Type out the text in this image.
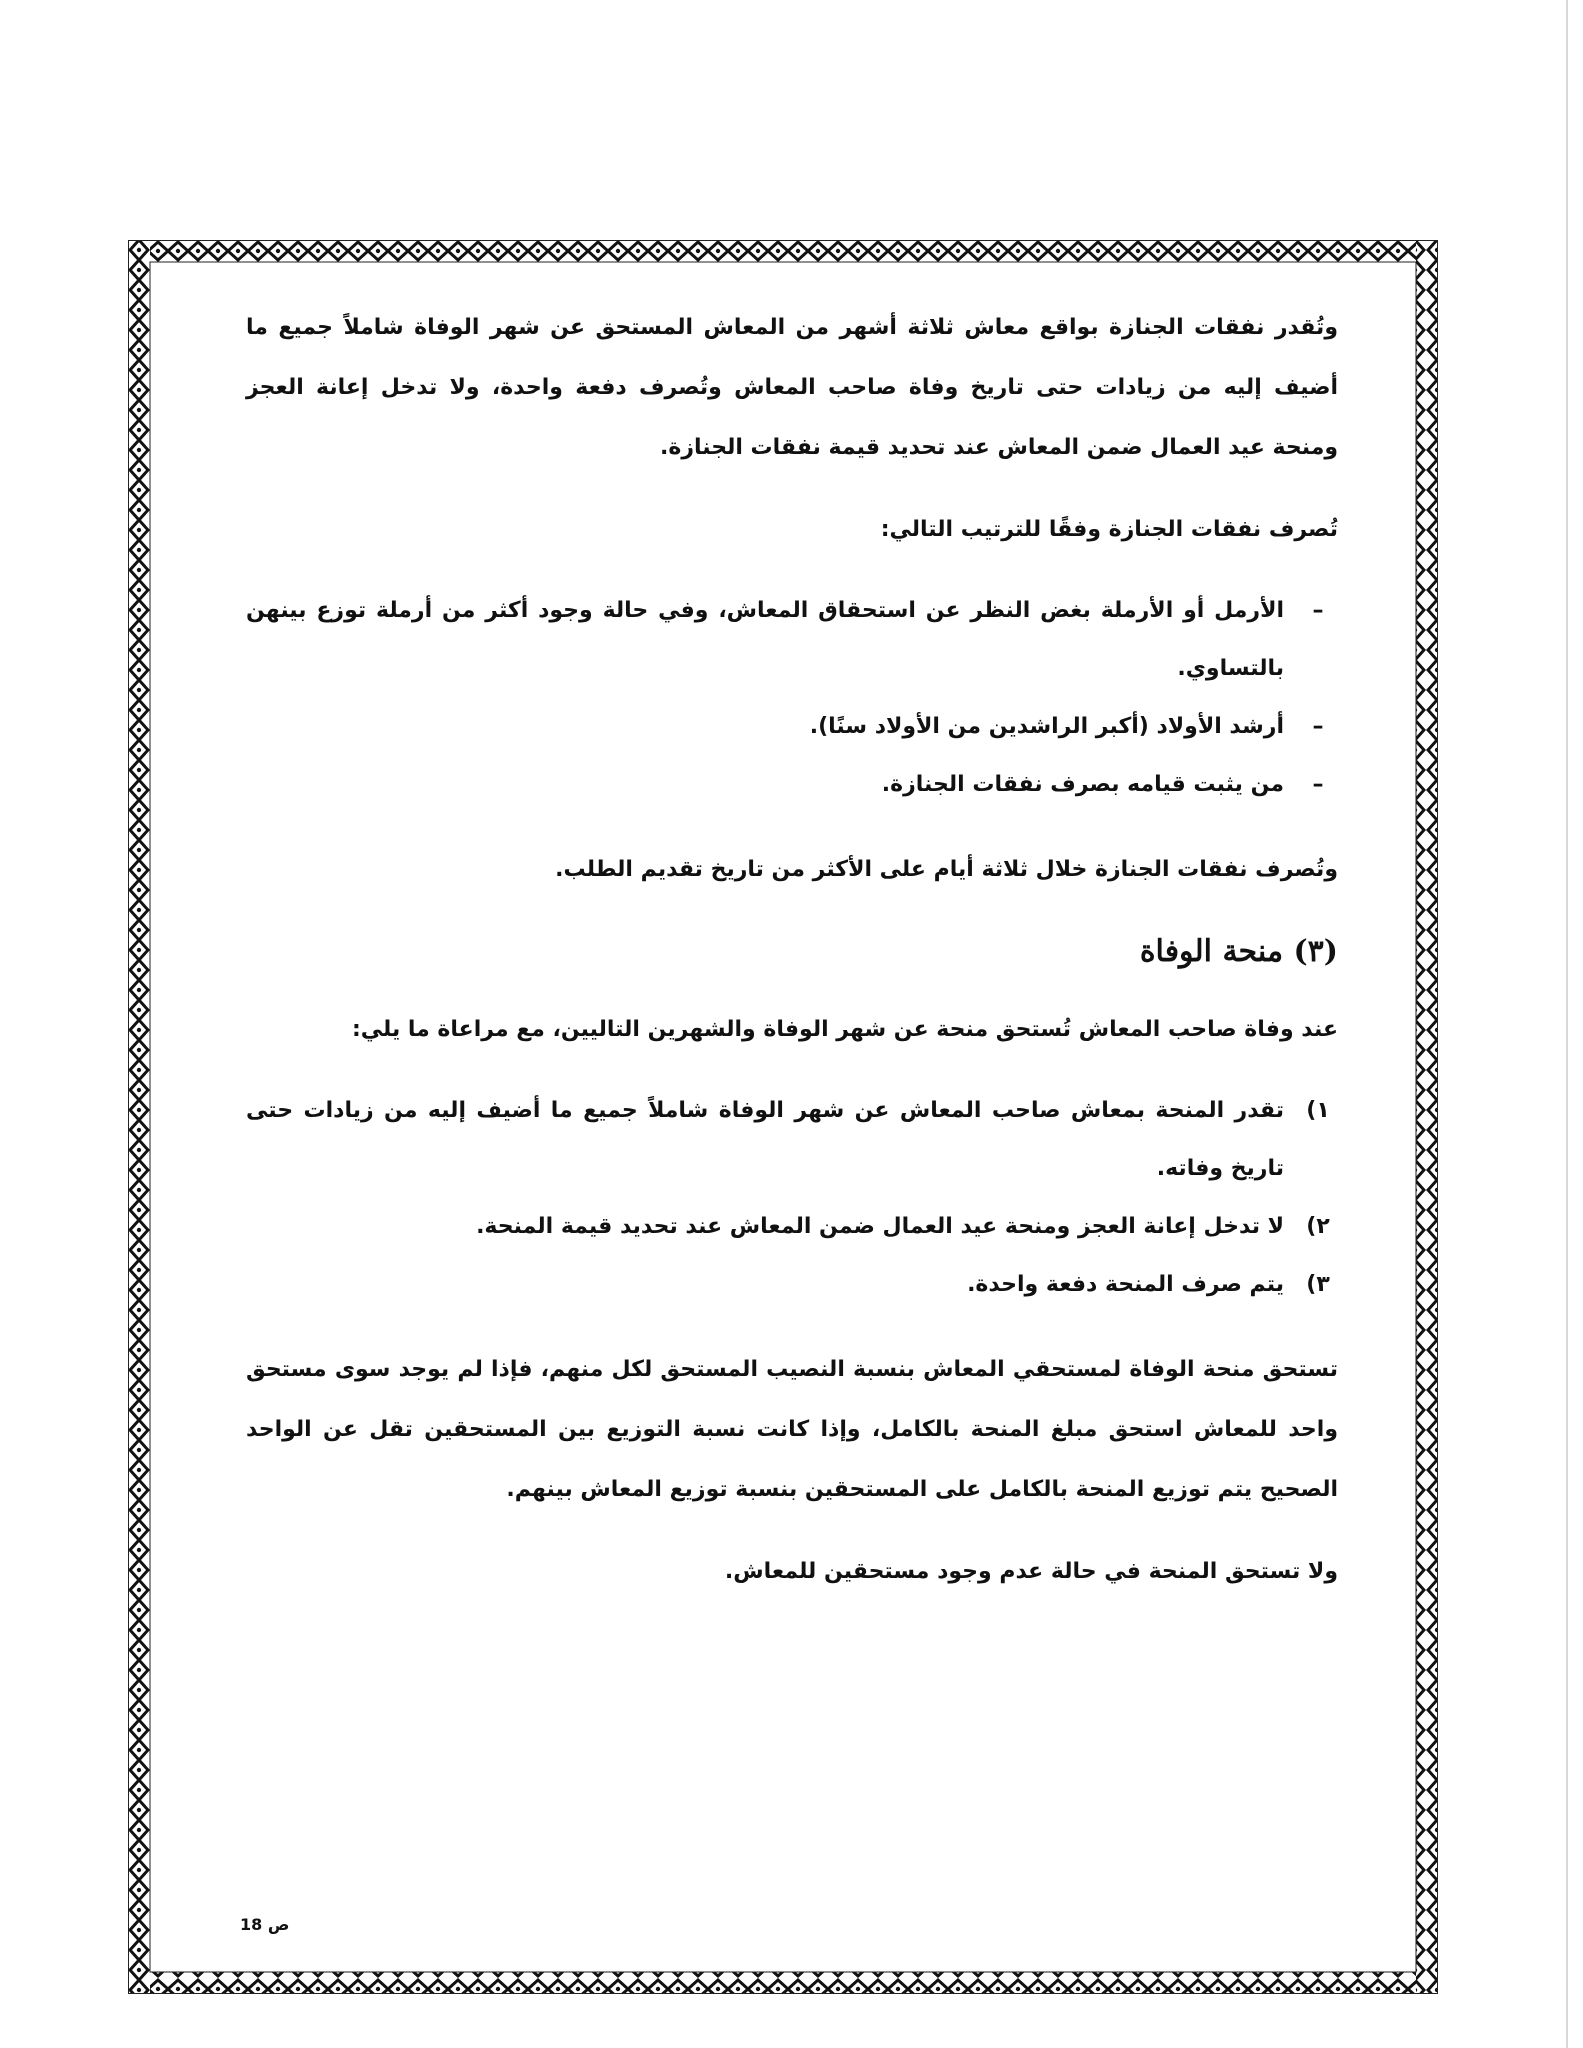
وتُقدر نفقات الجنازة بواقع معاش ثلاثة أشهر من المعاش المستحق عن شهر الوفاة شاملاً جميع ما أضيف إليه من زيادات حتى تاريخ وفاة صاحب المعاش وتُصرف دفعة واحدة، ولا تدخل إعانة العجز ومنحة عيد العمال ضمن المعاش عند تحديد قيمة نفقات الجنازة.

تُصرف نفقات الجنازة وفقًا للترتيب التالي:

–
الأرمل أو الأرملة بغض النظر عن استحقاق المعاش، وفي حالة وجود أكثر من أرملة توزع بينهن بالتساوي.
–
أرشد الأولاد (أكبر الراشدين من الأولاد سنًا).
–
من يثبت قيامه بصرف نفقات الجنازة.

وتُصرف نفقات الجنازة خلال ثلاثة أيام على الأكثر من تاريخ تقديم الطلب.

(٣) منحة الوفاة

عند وفاة صاحب المعاش تُستحق منحة عن شهر الوفاة والشهرين التاليين، مع مراعاة ما يلي:

١)
تقدر المنحة بمعاش صاحب المعاش عن شهر الوفاة شاملاً جميع ما أضيف إليه من زيادات حتى تاريخ وفاته.
٢)
لا تدخل إعانة العجز ومنحة عيد العمال ضمن المعاش عند تحديد قيمة المنحة.
٣)
يتم صرف المنحة دفعة واحدة.

تستحق منحة الوفاة لمستحقي المعاش بنسبة النصيب المستحق لكل منهم، فإذا لم يوجد سوى مستحق واحد للمعاش استحق مبلغ المنحة بالكامل، وإذا كانت نسبة التوزيع بين المستحقين تقل عن الواحد الصحيح يتم توزيع المنحة بالكامل على المستحقين بنسبة توزيع المعاش بينهم.

ولا تستحق المنحة في حالة عدم وجود مستحقين للمعاش.

ص 18
